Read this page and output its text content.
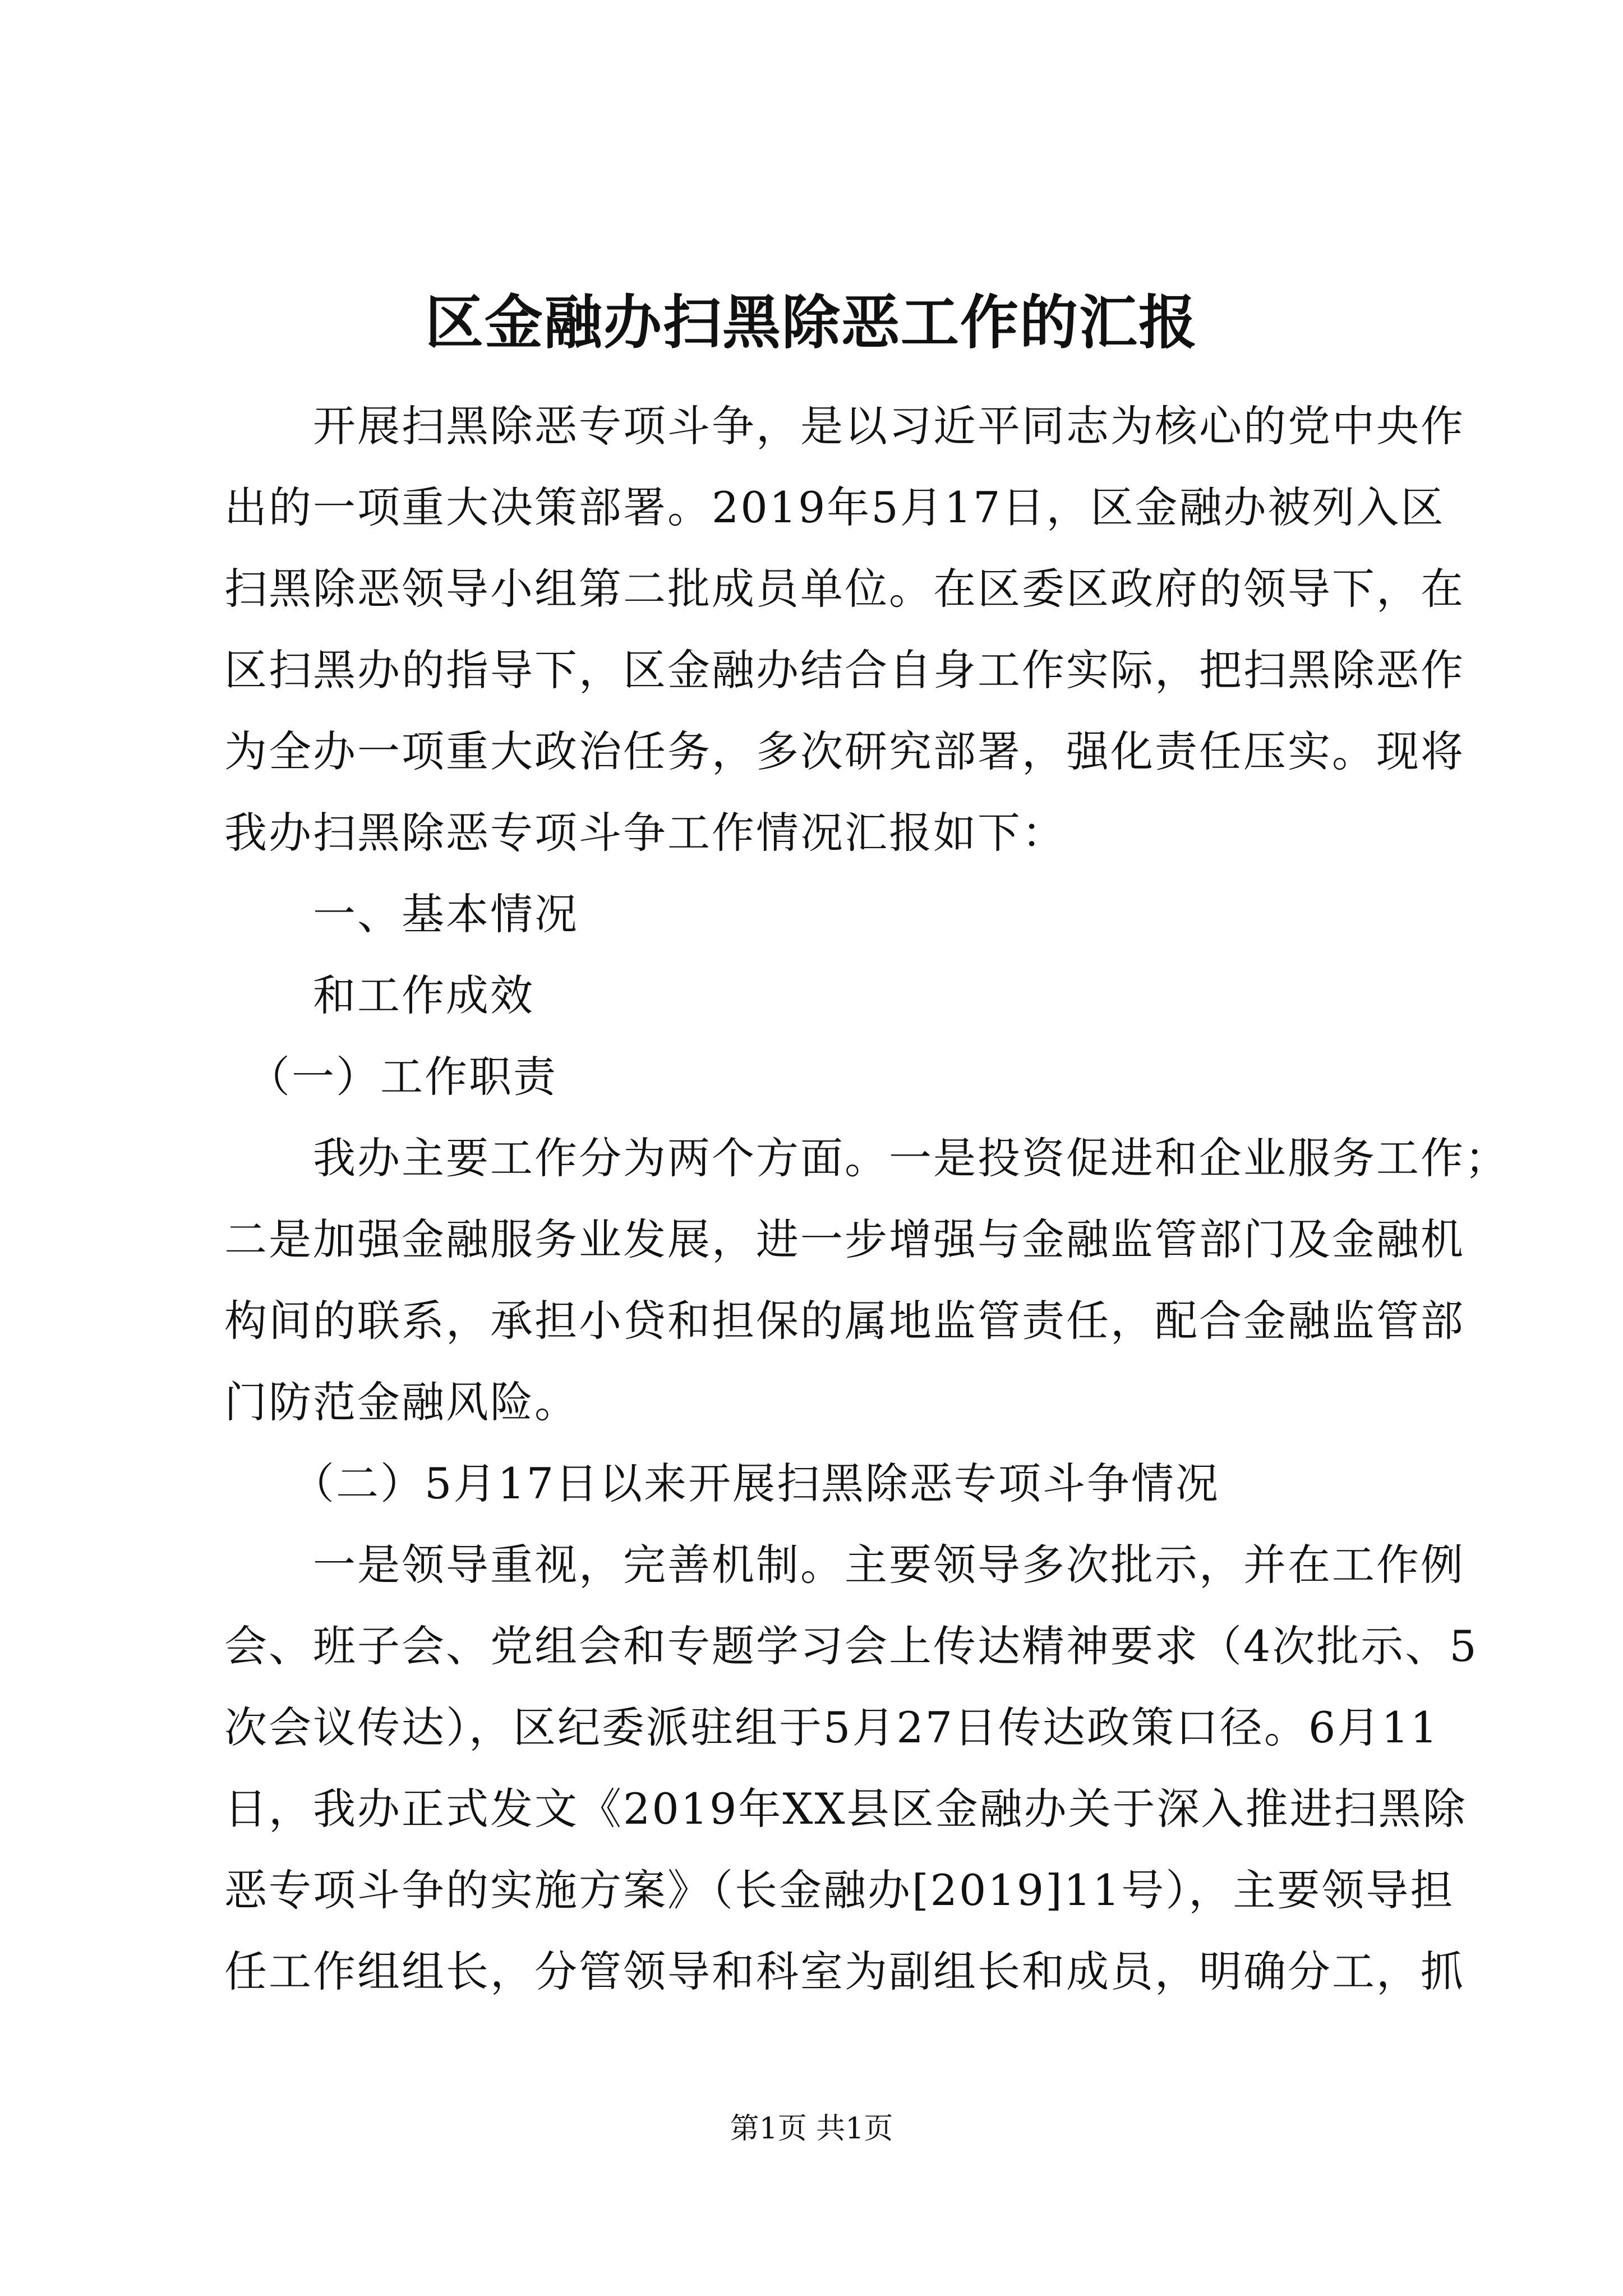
区金融办扫黑除恶工作的汇报
　　开展扫黑除恶专项斗争，是以习近平同志为核心的党中央作
出的一项重大决策部署。2019年5月17日，区金融办被列入区
扫黑除恶领导小组第二批成员单位。在区委区政府的领导下，在
区扫黑办的指导下，区金融办结合自身工作实际，把扫黑除恶作
为全办一项重大政治任务，多次研究部署，强化责任压实。现将
我办扫黑除恶专项斗争工作情况汇报如下：
　　一、基本情况
　　和工作成效
　（一）工作职责
　　我办主要工作分为两个方面。一是投资促进和企业服务工作；
二是加强金融服务业发展，进一步增强与金融监管部门及金融机
构间的联系，承担小贷和担保的属地监管责任，配合金融监管部
门防范金融风险。
　　（二）5月17日以来开展扫黑除恶专项斗争情况
　　一是领导重视，完善机制。主要领导多次批示，并在工作例
会、班子会、党组会和专题学习会上传达精神要求（4次批示、5
次会议传达），区纪委派驻组于5月27日传达政策口径。6月11
日，我办正式发文《2019年XX县区金融办关于深入推进扫黑除
恶专项斗争的实施方案》（长金融办[2019]11号），主要领导担
任工作组组长，分管领导和科室为副组长和成员，明确分工，抓
第1页 共1页
